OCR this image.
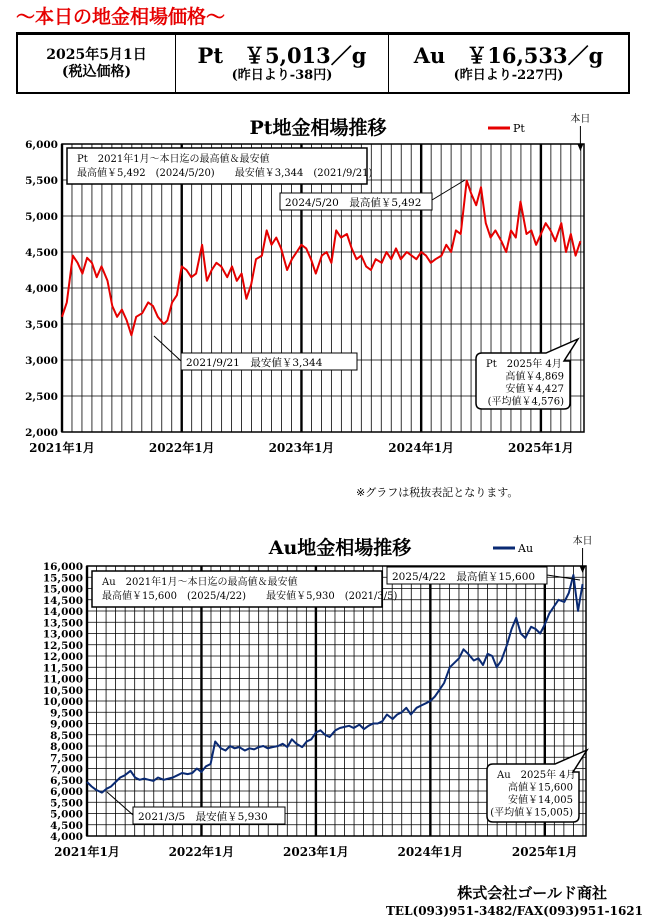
～本日の地金相場価格～
2025年5月1日
(税込価格)
Pt　￥5,013／g
(昨日より-38円)
Au　￥16,533／g
(昨日より-227円)
Pt地金相場推移	Pt
2,000
2,500
3,000
3,500
4,000
4,500
5,000
5,500
6,000
2021年1月	2022年1月	2023年1月	2024年1月	2025年1月
本日
Pt　2021年1月～本日迄の最高値＆最安値
最高値￥5,492　(2024/5/20)　　最安値￥3,344　(2021/9/21)
2024/5/20　最高値￥5,492
2021/9/21　最安値￥3,344	Pt　2025年 4月
高値￥4,869
安値￥4,427
(平均値￥4,576)
※グラフは税抜表記となります。
Au地金相場推移	Au
4,000
4,500
5,000
5,500
6,000
6,500
7,000
7,500
8,000
8,500
9,000
9,500
10,000
10,500
11,000
11,500
12,000
12,500
13,000
13,500
14,000
14,500
15,000
15,500
16,000
2021年1月	2022年1月	2023年1月	2024年1月	2025年1月
本日
Au　2021年1月～本日迄の最高値＆最安値
最高値￥15,600　(2025/4/22)　　最安値￥5,930　(2021/3/5)
2025/4/22　最高値￥15,600
2021/3/5　最安値￥5,930
Au　2025年 4月
高値￥15,600
安値￥14,005
(平均値￥15,005)
株式会社ゴールド商社
TEL(093)951-3482/FAX(093)951-1621
